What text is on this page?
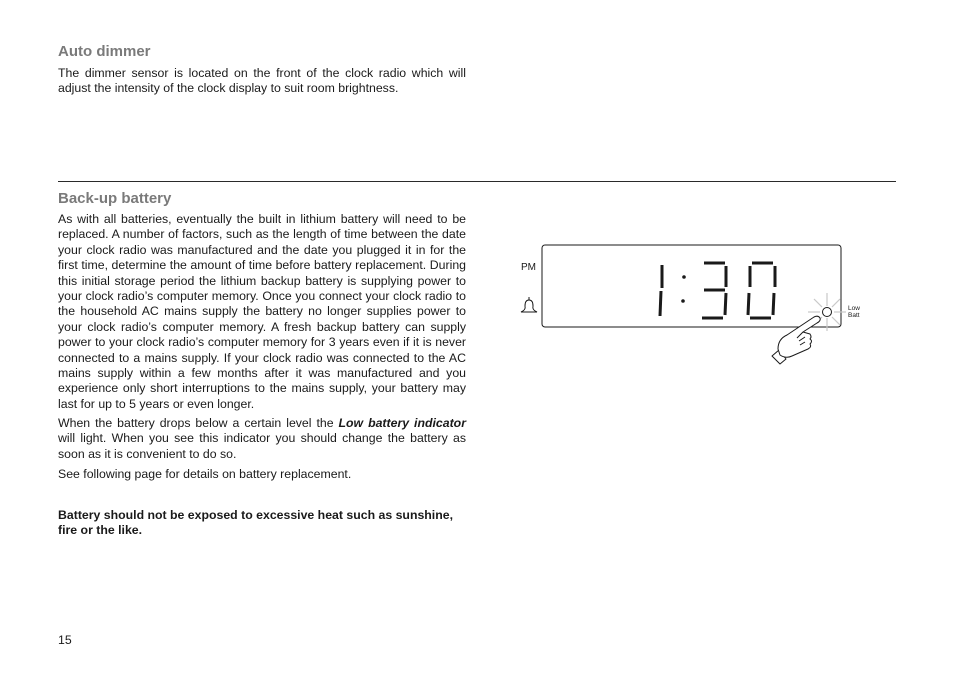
Auto dimmer

The dimmer sensor is located on the front of the clock radio which will adjust the intensity of the clock display to suit room brightness.

Back-up battery

As with all batteries, eventually the built in lithium battery will need to be replaced. A number of factors, such as the length of time between the date your clock radio was manufactured and the date you plugged it in for the first time, determine the amount of time before battery replacement. During this initial storage period the lithium backup battery is supplying power to your clock radio’s computer memory. Once you connect your clock radio to the household AC mains supply the battery no longer supplies power to your clock radio’s computer memory. A fresh backup battery can supply power to your clock radio’s computer memory for 3 years even if it is never connected to a mains supply. If your clock radio was connected to the AC mains supply within a few months after it was manufactured and you experience only short interruptions to the mains supply, your battery may last for up to 5 years or even longer.

When the battery drops below a certain level the Low battery indicator will light. When you see this indicator you should change the battery as soon as it is convenient to do so.

See following page for details on battery replacement.

Battery should not be exposed to excessive heat such as sunshine, fire or the like.

15
PM
Low
Batt
